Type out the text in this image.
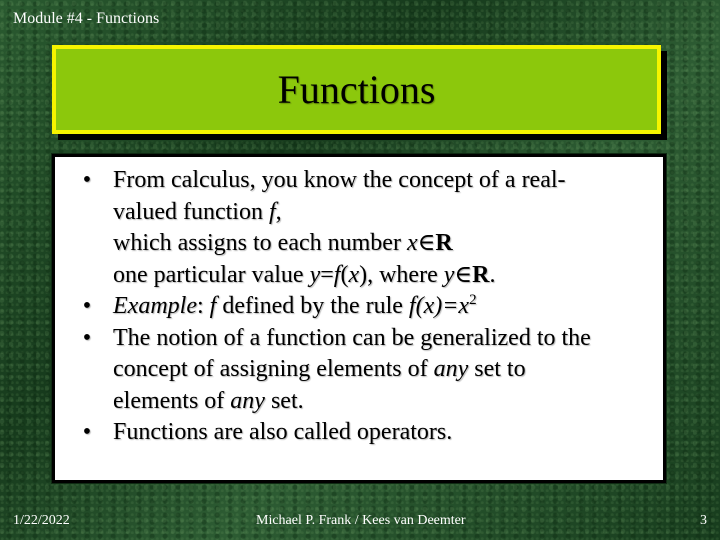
Module #4 - Functions
Functions
• From calculus, you know the concept of a real-
valued function f,
which assigns to each number x∈R
one particular value y=f(x), where y∈R.
• Example: f defined by the rule $f(x)=x^2$
• The notion of a function can be generalized to the
concept of assigning elements of any set to
elements of any set.
• Functions are also called operators.
1/22/2022	Michael P. Frank / Kees van Deemter	3
